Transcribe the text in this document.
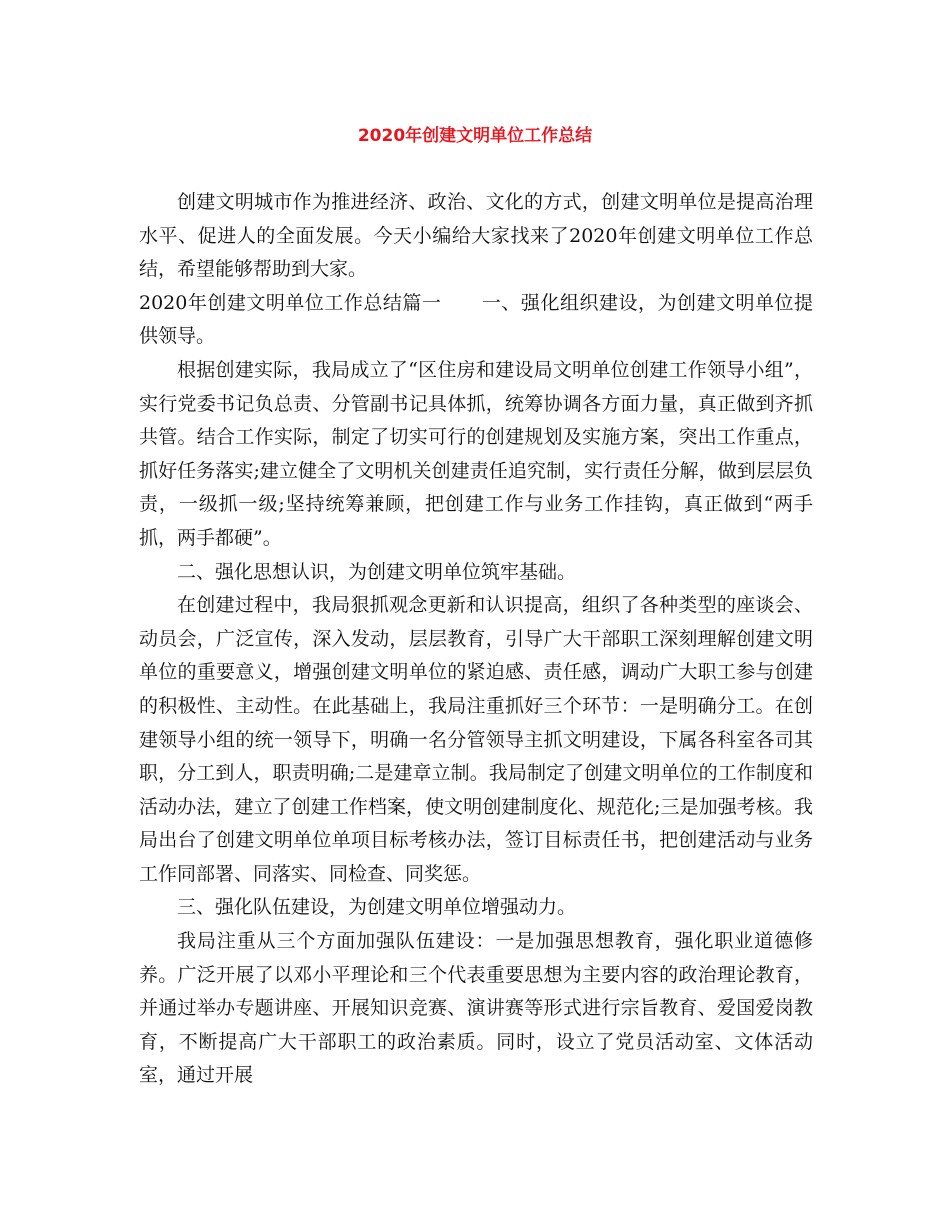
2020年创建文明单位工作总结

创建文明城市作为推进经济、政治、文化的方式，创建文明单位是提高治理水平、促进人的全面发展。今天小编给大家找来了2020年创建文明单位工作总结，希望能够帮助到大家。

2020年创建文明单位工作总结篇一 一、强化组织建设，为创建文明单位提供领导。

根据创建实际，我局成立了“区住房和建设局文明单位创建工作领导小组”，实行党委书记负总责、分管副书记具体抓，统筹协调各方面力量，真正做到齐抓共管。结合工作实际，制定了切实可行的创建规划及实施方案，突出工作重点，抓好任务落实;建立健全了文明机关创建责任追究制，实行责任分解，做到层层负责，一级抓一级;坚持统筹兼顾，把创建工作与业务工作挂钩，真正做到“两手抓，两手都硬”。

二、强化思想认识，为创建文明单位筑牢基础。

在创建过程中，我局狠抓观念更新和认识提高，组织了各种类型的座谈会、动员会，广泛宣传，深入发动，层层教育，引导广大干部职工深刻理解创建文明单位的重要意义，增强创建文明单位的紧迫感、责任感，调动广大职工参与创建的积极性、主动性。在此基础上，我局注重抓好三个环节：一是明确分工。在创建领导小组的统一领导下，明确一名分管领导主抓文明建设，下属各科室各司其职，分工到人，职责明确;二是建章立制。我局制定了创建文明单位的工作制度和活动办法，建立了创建工作档案，使文明创建制度化、规范化;三是加强考核。我局出台了创建文明单位单项目标考核办法，签订目标责任书，把创建活动与业务工作同部署、同落实、同检查、同奖惩。

三、强化队伍建设，为创建文明单位增强动力。

我局注重从三个方面加强队伍建设：一是加强思想教育，强化职业道德修养。广泛开展了以邓小平理论和三个代表重要思想为主要内容的政治理论教育，并通过举办专题讲座、开展知识竞赛、演讲赛等形式进行宗旨教育、爱国爱岗教育，不断提高广大干部职工的政治素质。同时，设立了党员活动室、文体活动室，通过开展
